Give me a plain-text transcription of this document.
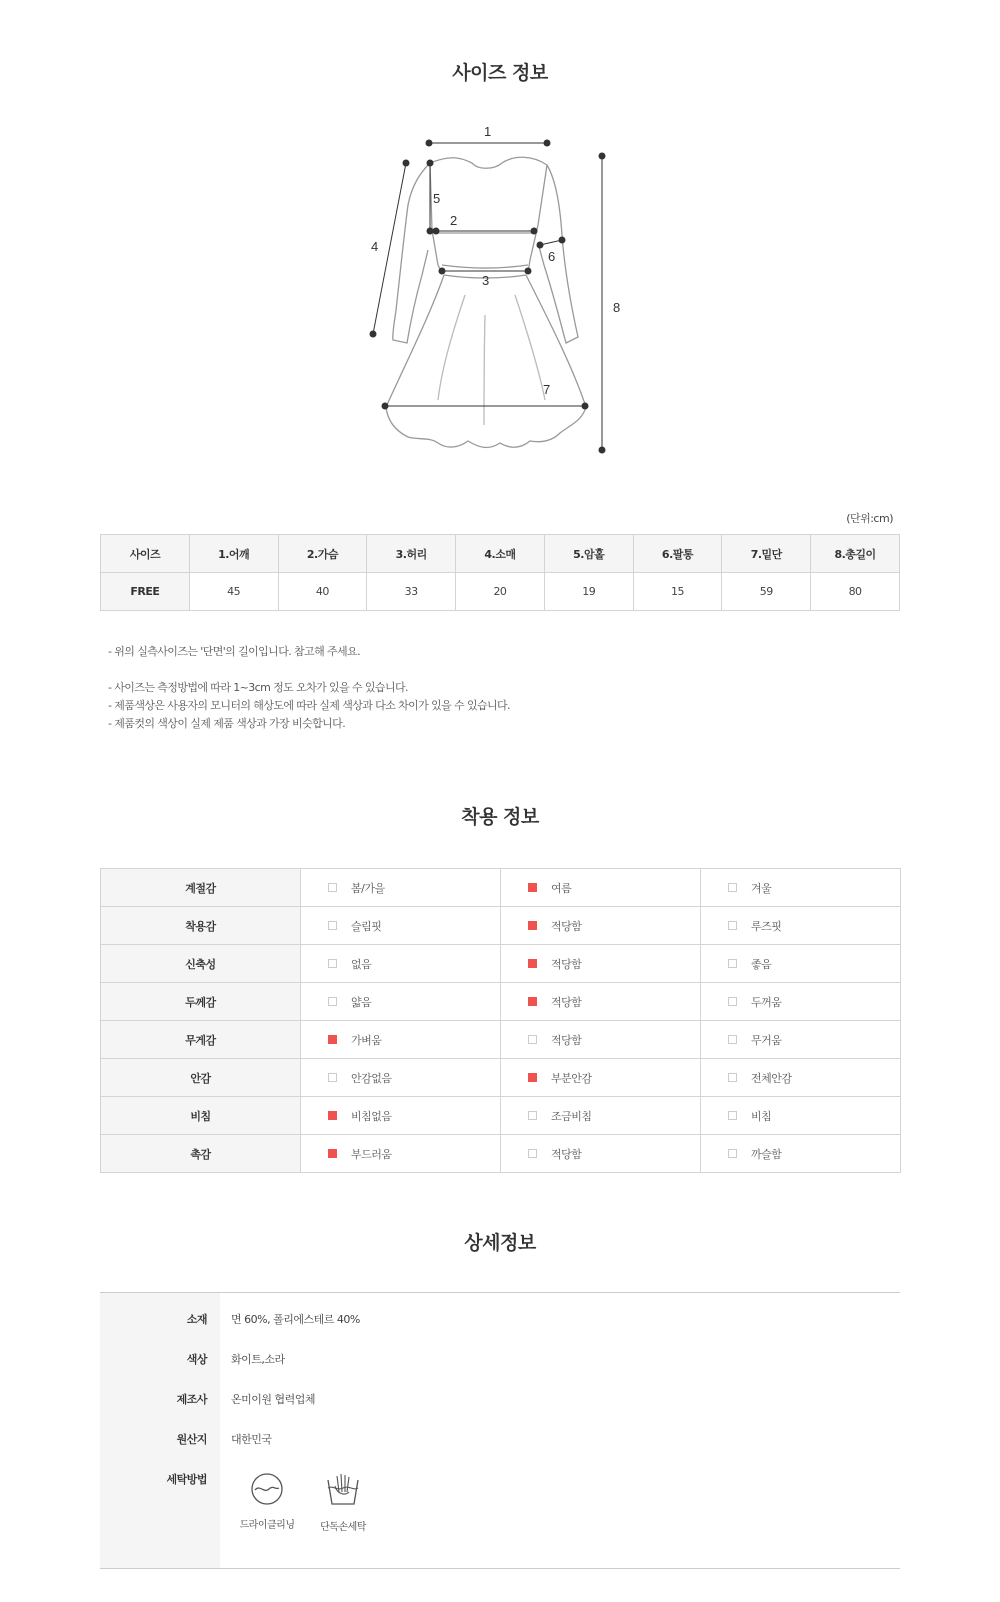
사이즈 정보
1
2
3
4
5
6
7
8
(단위:cm)
사이즈	1.어깨	2.가슴	3.허리	4.소매	5.암홀	6.팔통	7.밑단	8.총길이
FREE	45	40	33	20	19	15	59	80
- 위의 실측사이즈는 '단면'의 길이입니다. 참고해 주세요.
- 사이즈는 측정방법에 따라 1~3cm 정도 오차가 있을 수 있습니다.
- 제품색상은 사용자의 모니터의 해상도에 따라 실제 색상과 다소 차이가 있을 수 있습니다.
- 제품컷의 색상이 실제 제품 색상과 가장 비슷합니다.
착용 정보
계절감	봄/가을	여름	겨울

착용감	슬림핏	적당함	루즈핏

신축성	없음	적당함	좋음

두께감	얇음	적당함	두꺼움

무게감	가벼움	적당함	무거움

안감	안감없음	부분안감	전체안감

비침	비침없음	조금비침	비침

촉감	부드러움	적당함	까슬함
상세정보
소재 면 60%, 폴리에스테르 40%
색상 화이트,소라
제조사 온미이원 협력업체
원산지 대한민국
세탁방법
드라이클리닝	단독손세탁
